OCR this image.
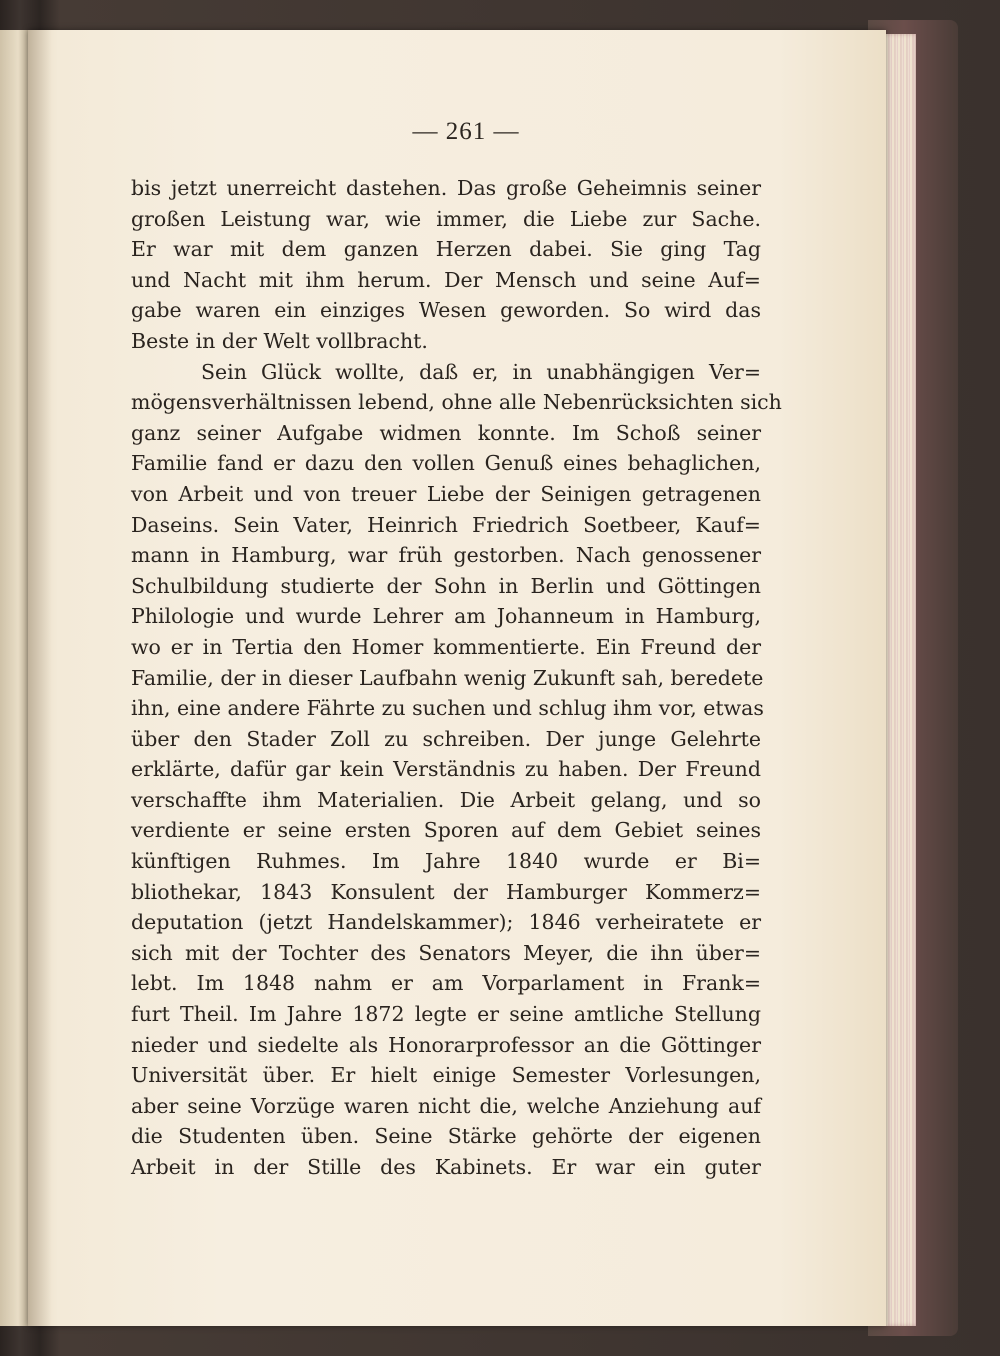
— 261 —
bis jetzt unerreicht dastehen. Das große Geheimnis seiner
großen Leistung war, wie immer, die Liebe zur Sache.
Er war mit dem ganzen Herzen dabei. Sie ging Tag
und Nacht mit ihm herum. Der Mensch und seine Auf=
gabe waren ein einziges Wesen geworden. So wird das
Beste in der Welt vollbracht.
Sein Glück wollte, daß er, in unabhängigen Ver=
mögensverhältnissen lebend, ohne alle Nebenrücksichten sich
ganz seiner Aufgabe widmen konnte. Im Schoß seiner
Familie fand er dazu den vollen Genuß eines behaglichen,
von Arbeit und von treuer Liebe der Seinigen getragenen
Daseins. Sein Vater, Heinrich Friedrich Soetbeer, Kauf=
mann in Hamburg, war früh gestorben. Nach genossener
Schulbildung studierte der Sohn in Berlin und Göttingen
Philologie und wurde Lehrer am Johanneum in Hamburg,
wo er in Tertia den Homer kommentierte. Ein Freund der
Familie, der in dieser Laufbahn wenig Zukunft sah, beredete
ihn, eine andere Fährte zu suchen und schlug ihm vor, etwas
über den Stader Zoll zu schreiben. Der junge Gelehrte
erklärte, dafür gar kein Verständnis zu haben. Der Freund
verschaffte ihm Materialien. Die Arbeit gelang, und so
verdiente er seine ersten Sporen auf dem Gebiet seines
künftigen Ruhmes. Im Jahre 1840 wurde er Bi=
bliothekar, 1843 Konsulent der Hamburger Kommerz=
deputation (jetzt Handelskammer); 1846 verheiratete er
sich mit der Tochter des Senators Meyer, die ihn über=
lebt. Im 1848 nahm er am Vorparlament in Frank=
furt Theil. Im Jahre 1872 legte er seine amtliche Stellung
nieder und siedelte als Honorarprofessor an die Göttinger
Universität über. Er hielt einige Semester Vorlesungen,
aber seine Vorzüge waren nicht die, welche Anziehung auf
die Studenten üben. Seine Stärke gehörte der eigenen
Arbeit in der Stille des Kabinets. Er war ein guter
